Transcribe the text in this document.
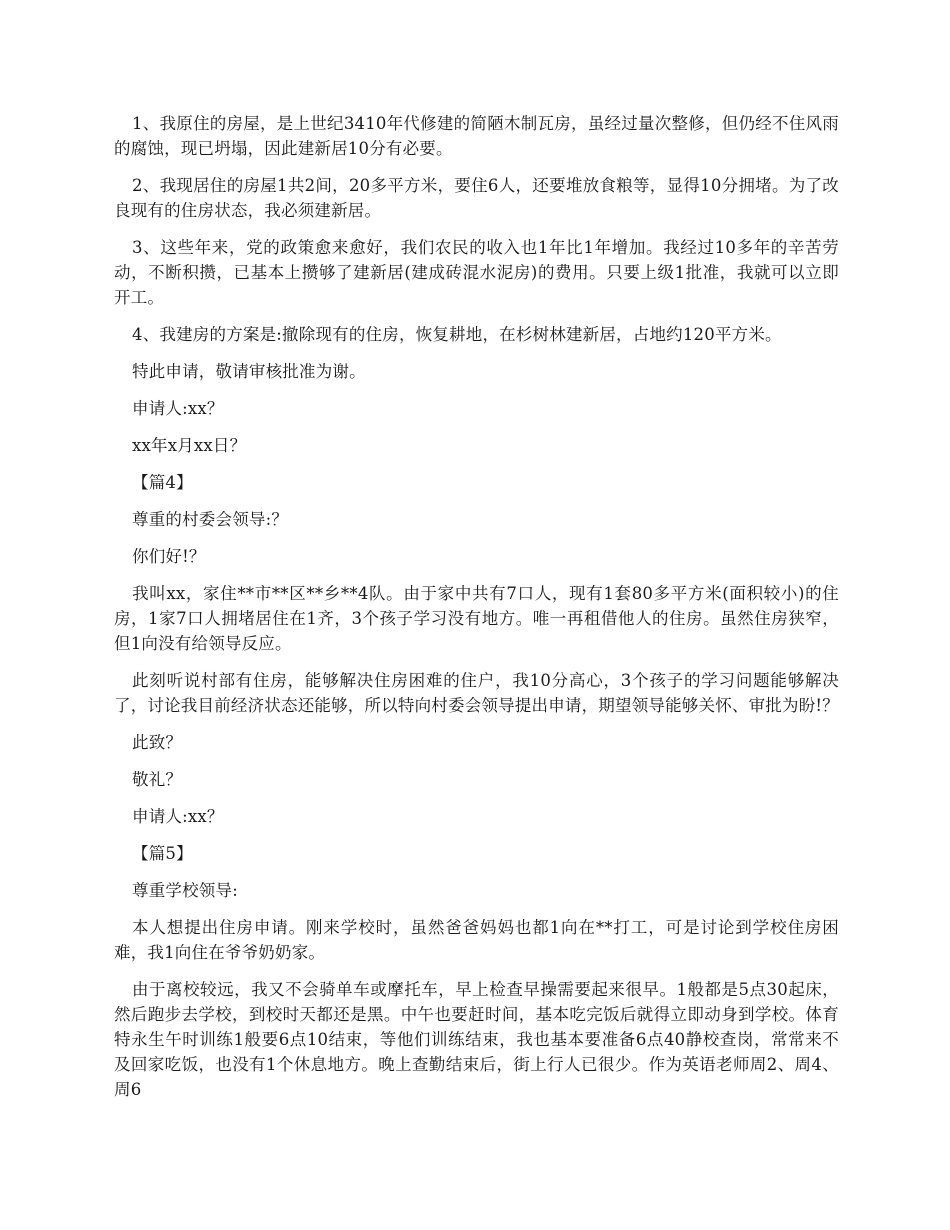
1、我原住的房屋，是上世纪3410年代修建的简陋木制瓦房，虽经过量次整修，但仍经不住风雨的腐蚀，现已坍塌，因此建新居10分有必要。

2、我现居住的房屋1共2间，20多平方米，要住6人，还要堆放食粮等，显得10分拥堵。为了改良现有的住房状态，我必须建新居。

3、这些年来，党的政策愈来愈好，我们农民的收入也1年比1年增加。我经过10多年的辛苦劳动，不断积攒，已基本上攒够了建新居(建成砖混水泥房)的费用。只要上级1批准，我就可以立即开工。

4、我建房的方案是:撤除现有的住房，恢复耕地，在杉树林建新居，占地约120平方米。

特此申请，敬请审核批准为谢。

申请人:xx？

xx年x月xx日？

【篇4】

尊重的村委会领导:？

你们好!？

我叫xx，家住**市**区**乡**4队。由于家中共有7口人，现有1套80多平方米(面积较小)的住房，1家7口人拥堵居住在1齐，3个孩子学习没有地方。唯一再租借他人的住房。虽然住房狭窄，但1向没有给领导反应。

此刻听说村部有住房，能够解决住房困难的住户，我10分高心，3个孩子的学习问题能够解决了，讨论我目前经济状态还能够，所以特向村委会领导提出申请，期望领导能够关怀、审批为盼!？

此致？

敬礼？

申请人:xx？

【篇5】

尊重学校领导:

本人想提出住房申请。刚来学校时，虽然爸爸妈妈也都1向在**打工，可是讨论到学校住房困难，我1向住在爷爷奶奶家。

由于离校较远，我又不会骑单车或摩托车，早上检查早操需要起来很早。1般都是5点30起床，然后跑步去学校，到校时天都还是黑。中午也要赶时间，基本吃完饭后就得立即动身到学校。体育特永生午时训练1般要6点10结束，等他们训练结束，我也基本要准备6点40静校查岗，常常来不及回家吃饭，也没有1个休息地方。晚上查勤结束后，街上行人已很少。作为英语老师周2、周4、周6
